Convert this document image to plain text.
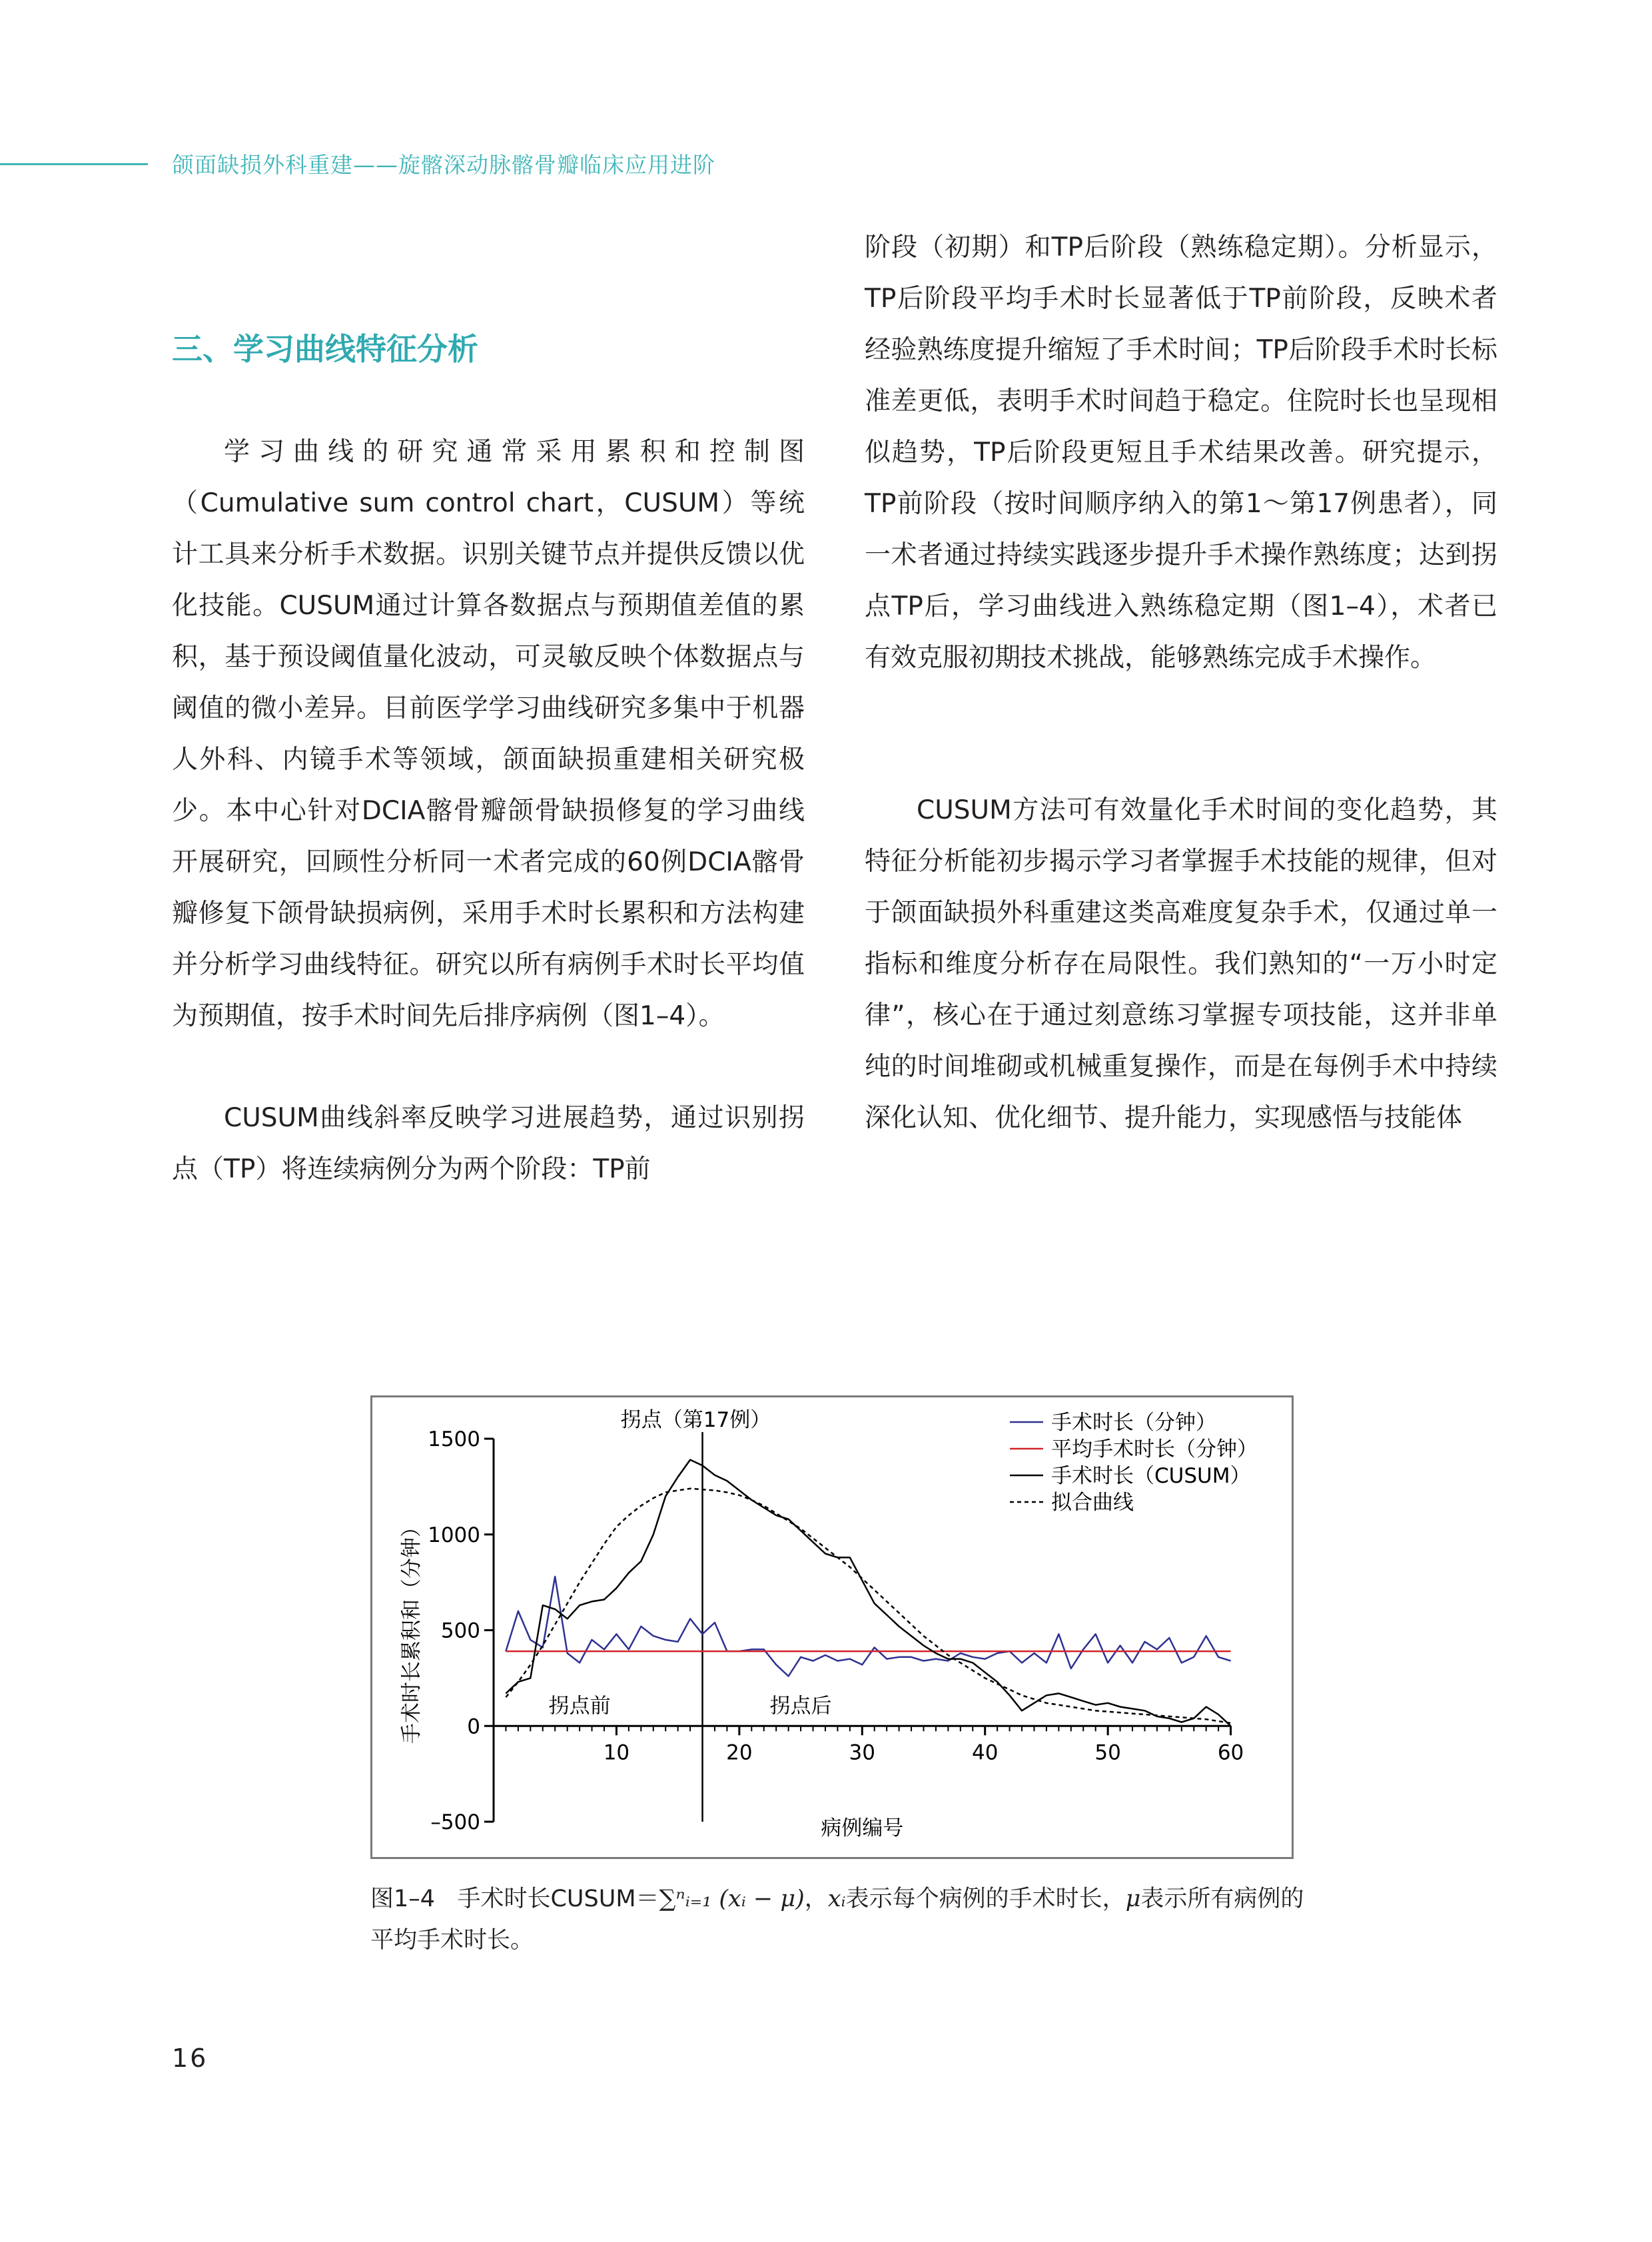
颌面缺损外科重建——旋髂深动脉髂骨瓣临床应用进阶
三、学习曲线特征分析

学习曲线的研究通常采用累积和控制图（Cumulative sum control chart，CUSUM）等统计工具来分析手术数据。识别关键节点并提供反馈以优化技能。CUSUM通过计算各数据点与预期值差值的累积，基于预设阈值量化波动，可灵敏反映个体数据点与阈值的微小差异。目前医学学习曲线研究多集中于机器人外科、内镜手术等领域，颌面缺损重建相关研究极少。本中心针对DCIA髂骨瓣颌骨缺损修复的学习曲线开展研究，回顾性分析同一术者完成的60例DCIA髂骨瓣修复下颌骨缺损病例，采用手术时长累积和方法构建并分析学习曲线特征。研究以所有病例手术时长平均值为预期值，按手术时间先后排序病例（图1–4）。

CUSUM曲线斜率反映学习进展趋势，通过识别拐点（TP）将连续病例分为两个阶段：TP前

阶段（初期）和TP后阶段（熟练稳定期）。分析显示，TP后阶段平均手术时长显著低于TP前阶段，反映术者经验熟练度提升缩短了手术时间；TP后阶段手术时长标准差更低，表明手术时间趋于稳定。住院时长也呈现相似趋势，TP后阶段更短且手术结果改善。研究提示，TP前阶段（按时间顺序纳入的第1～第17例患者），同一术者通过持续实践逐步提升手术操作熟练度；达到拐点TP后，学习曲线进入熟练稳定期（图1–4），术者已有效克服初期技术挑战，能够熟练完成手术操作。

CUSUM方法可有效量化手术时间的变化趋势，其特征分析能初步揭示学习者掌握手术技能的规律，但对于颌面缺损外科重建这类高难度复杂手术，仅通过单一指标和维度分析存在局限性。我们熟知的“一万小时定律”，核心在于通过刻意练习掌握专项技能，这并非单纯的时间堆砌或机械重复操作，而是在每例手术中持续深化认知、优化细节、提升能力，实现感悟与技能体

–500
0
500
1000
1500
10	20	30	40	50	60
拐点（第17例）
拐点前	拐点后
病例编号
手术时长累积和（分钟）
手术时长（分钟）
平均手术时长（分钟）
手术时长（CUSUM）
拟合曲线

图1–4 手术时长CUSUM＝∑ⁿᵢ₌₁ (xᵢ − μ)，xᵢ表示每个病例的手术时长，μ表示所有病例的平均手术时长。

16
